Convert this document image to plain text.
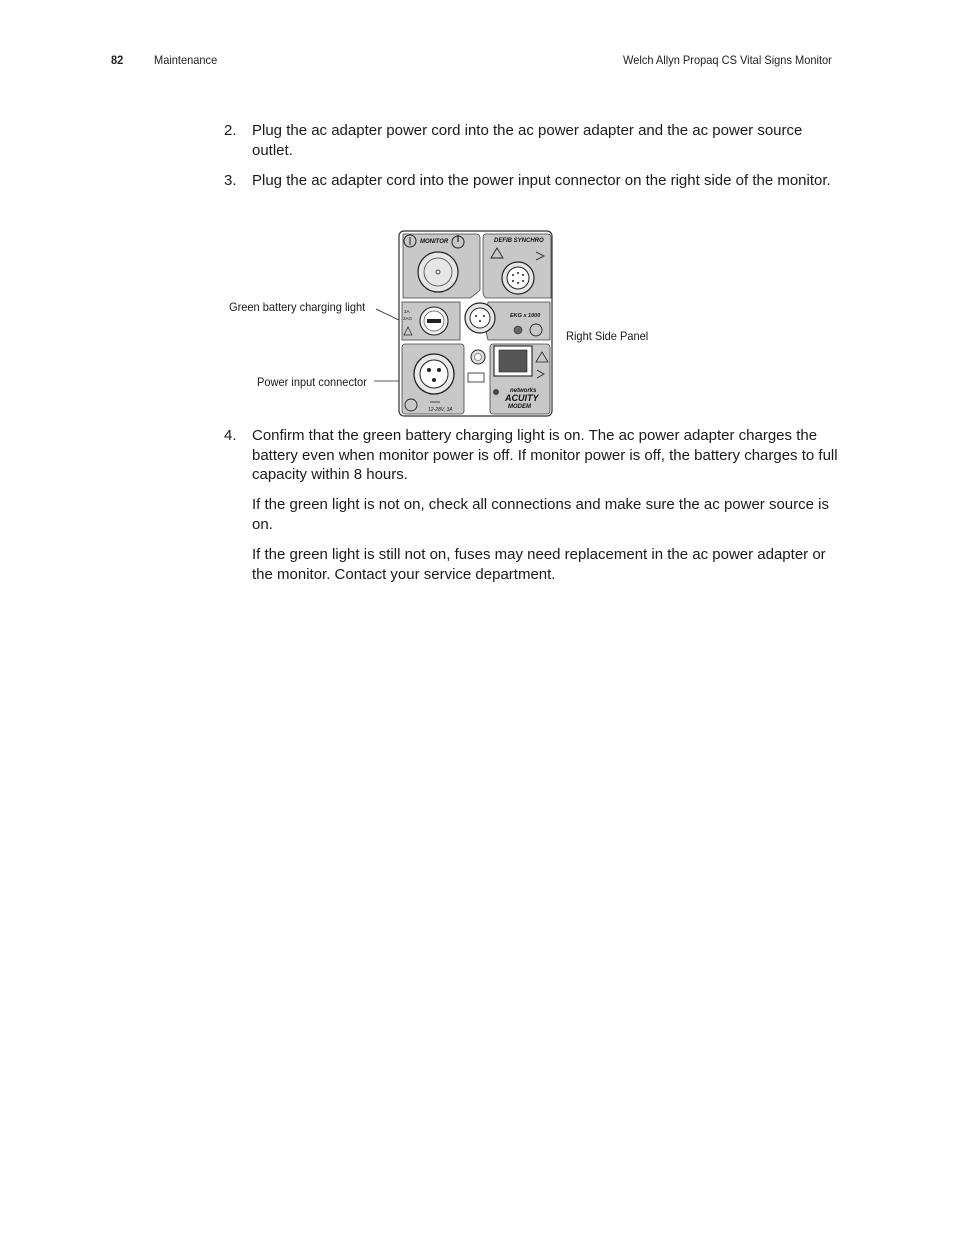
82	Maintenance	Welch Allyn Propaq CS Vital Signs Monitor
2. Plug the ac adapter power cord into the ac power adapter and the ac power source outlet.
3. Plug the ac adapter cord into the power input connector on the right side of the monitor.
Green battery charging light
Power input connector
Right Side Panel
MONITOR	DEFIB SYNCHRO
3A
3AG	EKG x 1000
12-28V, 3A
networks
ACUITY
MODEM
4. Confirm that the green battery charging light is on. The ac power adapter charges the battery even when monitor power is off. If monitor power is off, the battery charges to full capacity within 8 hours.
If the green light is not on, check all connections and make sure the ac power source is on.
If the green light is still not on, fuses may need replacement in the ac power adapter or the monitor. Contact your service department.
